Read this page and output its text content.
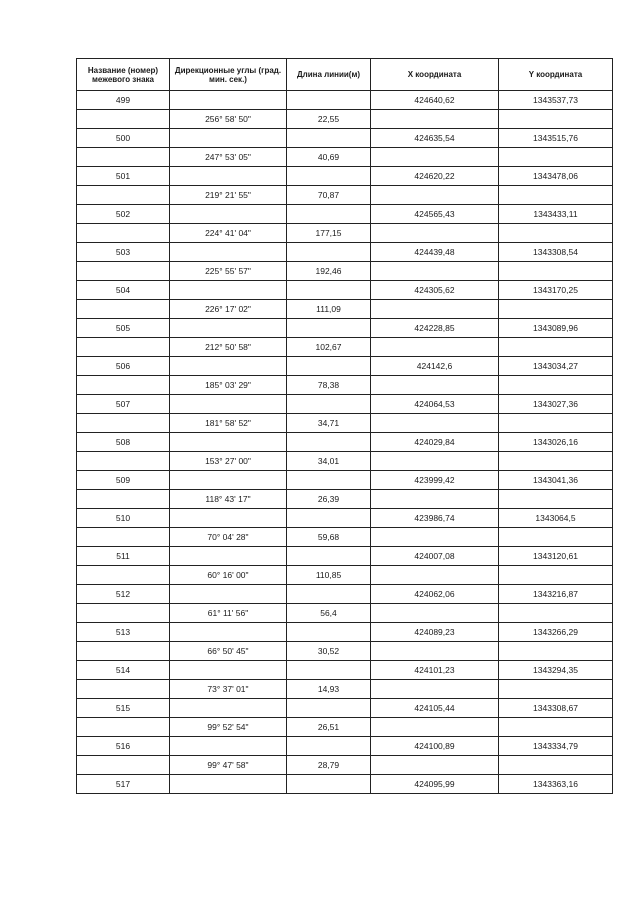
Название (номер) межевого знака	Дирекционные углы (град. мин. сек.)	Длина линии(м)	X координата	Y координата
499			424640,62	1343537,73
	256° 58' 50"	22,55		
500			424635,54	1343515,76
	247° 53' 05"	40,69		
501			424620,22	1343478,06
	219° 21' 55"	70,87		
502			424565,43	1343433,11
	224° 41' 04"	177,15		
503			424439,48	1343308,54
	225° 55' 57"	192,46		
504			424305,62	1343170,25
	226° 17' 02"	111,09		
505			424228,85	1343089,96
	212° 50' 58"	102,67		
506			424142,6	1343034,27
	185° 03' 29"	78,38		
507			424064,53	1343027,36
	181° 58' 52"	34,71		
508			424029,84	1343026,16
	153° 27' 00"	34,01		
509			423999,42	1343041,36
	118° 43' 17"	26,39		
510			423986,74	1343064,5
	70° 04' 28"	59,68		
511			424007,08	1343120,61
	60° 16' 00"	110,85		
512			424062,06	1343216,87
	61° 11' 56"	56,4		
513			424089,23	1343266,29
	66° 50' 45"	30,52		
514			424101,23	1343294,35
	73° 37' 01"	14,93		
515			424105,44	1343308,67
	99° 52' 54"	26,51		
516			424100,89	1343334,79
	99° 47' 58"	28,79		
517			424095,99	1343363,16
